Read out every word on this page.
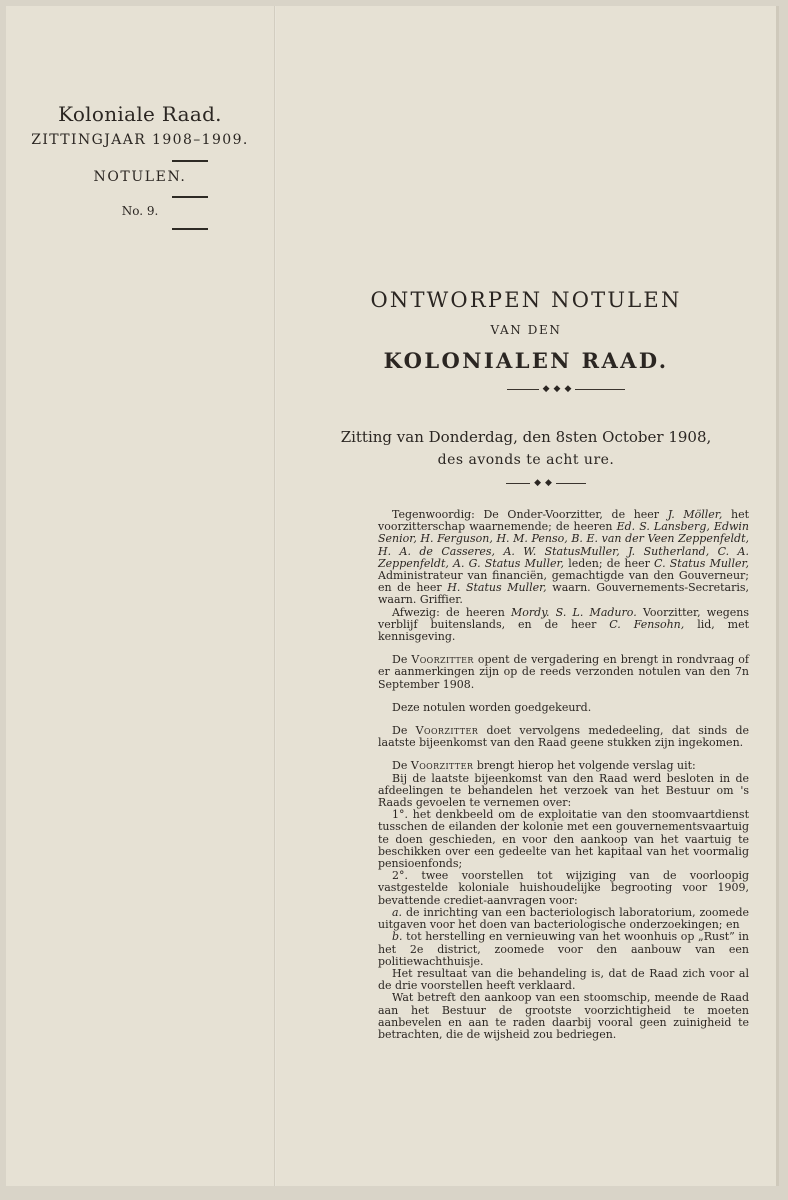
Koloniale Raad.
ZITTINGJAAR 1908–1909.
NOTULEN.
No. 9.
ONTWORPEN NOTULEN
VAN DEN
KOLONIALEN RAAD.
◆ ◆ ◆
Zitting van Donderdag, den 8sten October 1908,
des avonds te acht ure.
◆ ◆

Tegenwoordig: De Onder-Voorzitter, de heer J. Möller, het voorzitterschap waarnemende; de heeren Ed. S. Lansberg, Edwin Senior, H. Ferguson, H. M. Penso, B. E. van der Veen Zeppenfeldt, H. A. de Casseres, A. W. StatusMuller, J. Sutherland, C. A. Zeppenfeldt, A. G. Status Muller, leden; de heer C. Status Muller, Administrateur van financiën, gemachtigde van den Gouverneur; en de heer H. Status Muller, waarn. Gouvernements-Secretaris, waarn. Griffier.

Afwezig: de heeren Mordy. S. L. Maduro. Voorzitter, wegens verblijf buitenslands, en de heer C. Fensohn, lid, met kennisgeving.

De Voorzitter opent de vergadering en brengt in rondvraag of er aanmerkingen zijn op de reeds verzonden notulen van den 7n September 1908.

Deze notulen worden goedgekeurd.

De Voorzitter doet vervolgens mededeeling, dat sinds de laatste bijeenkomst van den Raad geene stukken zijn ingekomen.

De Voorzitter brengt hierop het volgende verslag uit:

Bij de laatste bijeenkomst van den Raad werd besloten in de afdeelingen te behandelen het verzoek van het Bestuur om 's Raads gevoelen te vernemen over:

1°. het denkbeeld om de exploitatie van den stoomvaartdienst tusschen de eilanden der kolonie met een gouvernementsvaartuig te doen geschieden, en voor den aankoop van het vaartuig te beschikken over een gedeelte van het kapitaal van het voormalig pensioenfonds;

2°. twee voorstellen tot wijziging van de voorloopig vastgestelde koloniale huishoudelijke begrooting voor 1909, bevattende crediet-aanvragen voor:

a. de inrichting van een bacteriologisch laboratorium, zoomede uitgaven voor het doen van bacteriologische onderzoekingen; en

b. tot herstelling en vernieuwing van het woonhuis op „Rust” in het 2e district, zoomede voor den aanbouw van een politiewachthuisje.

Het resultaat van die behandeling is, dat de Raad zich voor al de drie voorstellen heeft verklaard.

Wat betreft den aankoop van een stoomschip, meende de Raad aan het Bestuur de grootste voorzichtigheid te moeten aanbevelen en aan te raden daarbij vooral geen zuinigheid te betrachten, die de wijsheid zou bedriegen.
